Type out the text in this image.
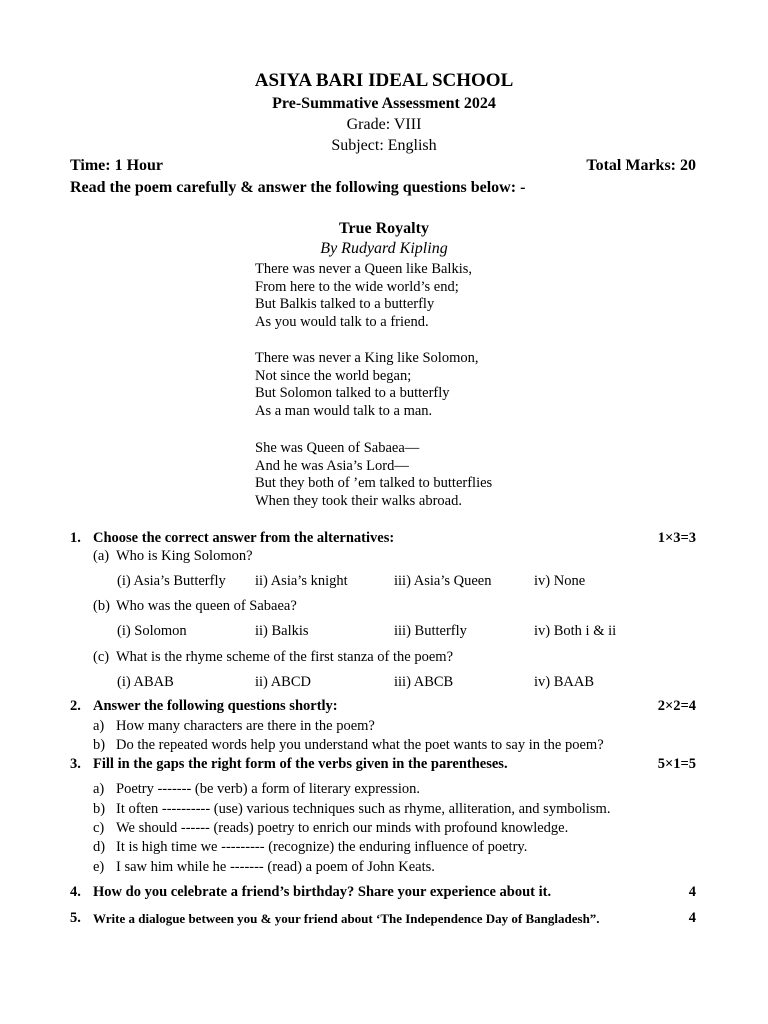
ASIYA BARI IDEAL SCHOOL
Pre-Summative Assessment 2024
Grade: VIII
Subject: English
Time: 1 Hour	Total Marks: 20
Read the poem carefully & answer the following questions below: -
True Royalty
By Rudyard Kipling
There was never a Queen like Balkis,
From here to the wide world’s end;
But Balkis talked to a butterfly
As you would talk to a friend.
There was never a King like Solomon,
Not since the world began;
But Solomon talked to a butterfly
As a man would talk to a man.
She was Queen of Sabaea—
And he was Asia’s Lord—
But they both of ’em talked to butterflies
When they took their walks abroad.
1. Choose the correct answer from the alternatives:	1×3=3
(a) Who is King Solomon?
(i) Asia’s Butterfly ii) Asia’s knight	iii) Asia’s Queen	iv) None
(b) Who was the queen of Sabaea?
(i) Solomon	ii) Balkis	iii) Butterfly	iv) Both i & ii
(c) What is the rhyme scheme of the first stanza of the poem?
(i) ABAB	ii) ABCD	iii) ABCB	iv) BAAB
2. Answer the following questions shortly:	2×2=4
a) How many characters are there in the poem?
b) Do the repeated words help you understand what the poet wants to say in the poem?
3. Fill in the gaps the right form of the verbs given in the parentheses.	5×1=5
a) Poetry ------- (be verb) a form of literary expression.
b) It often ---------- (use) various techniques such as rhyme, alliteration, and symbolism.
c) We should ------ (reads) poetry to enrich our minds with profound knowledge.
d) It is high time we --------- (recognize) the enduring influence of poetry.
e) I saw him while he ------- (read) a poem of John Keats.
4. How do you celebrate a friend’s birthday? Share your experience about it.	4
5. Write a dialogue between you & your friend about ‘The Independence Day of Bangladesh”.	4
